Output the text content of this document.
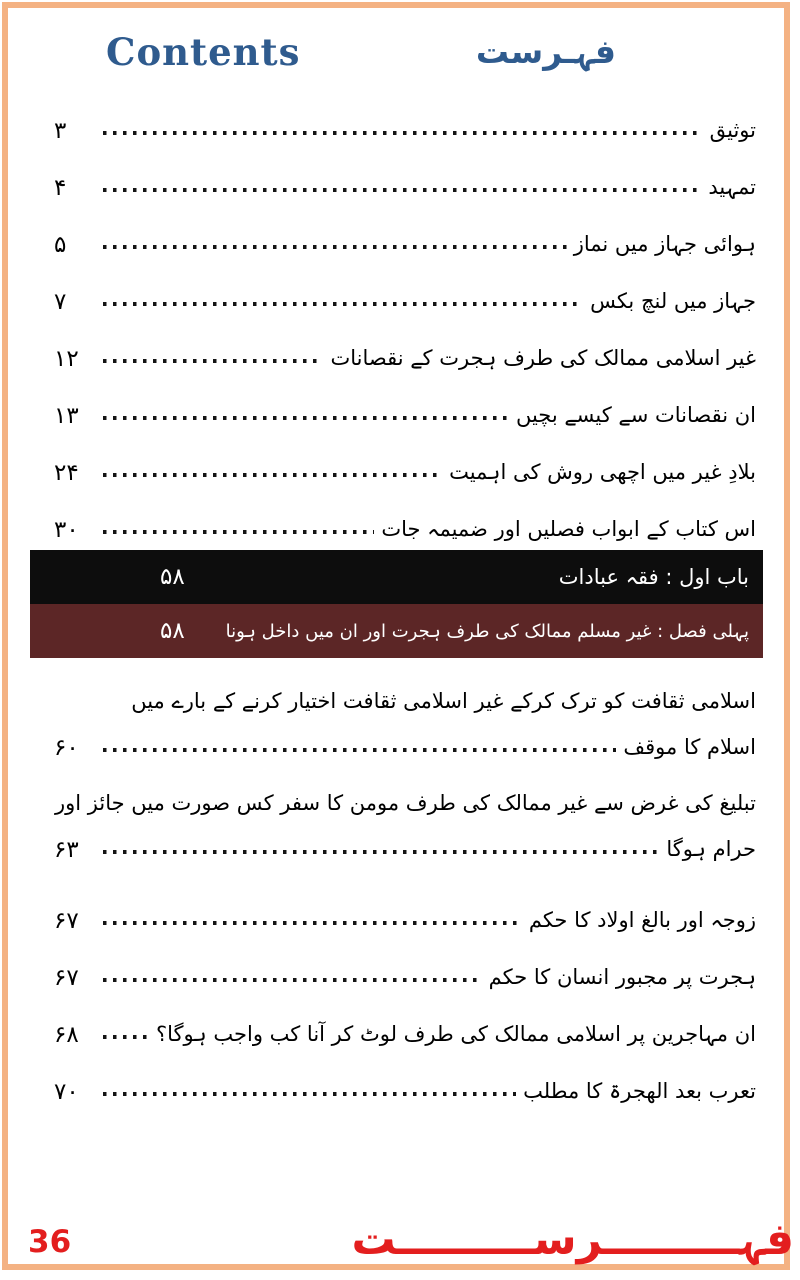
Contents	فہـرست
توثیق
۳
تمہید
۴
ہوائی جہاز میں نماز
۵
جہاز میں لنچ بکس
۷
غیر اسلامی ممالک کی طرف ہجرت کے نقصانات
۱۲
ان نقصانات سے کیسے بچیں
۱۳
بلادِ غیر میں اچھی روش کی اہمیت
۲۴
اس کتاب کے ابواب فصلیں اور ضمیمہ جات
۳۰
باب اول : فقہ عبادات
۵۸
پہلی فصل : غیر مسلم ممالک کی طرف ہجرت اور ان میں داخل ہونا
۵۸
اسلامی ثقافت کو ترک کرکے غیر اسلامی ثقافت اختیار کرنے کے بارے میں
اسلام کا موقف
۶۰
تبلیغ کی غرض سے غیر ممالک کی طرف مومن کا سفر کس صورت میں جائز اور
حرام ہوگا
۶۳
زوجہ اور بالغ اولاد کا حکم
۶۷
ہجرت پر مجبور انسان کا حکم
۶۷
ان مہاجرین پر اسلامی ممالک کی طرف لوٹ کر آنا کب واجب ہوگا؟
۶۸
تعرب بعد الھجرۃ کا مطلب
۷۰
36	فہـــــــــرســـــــــت
